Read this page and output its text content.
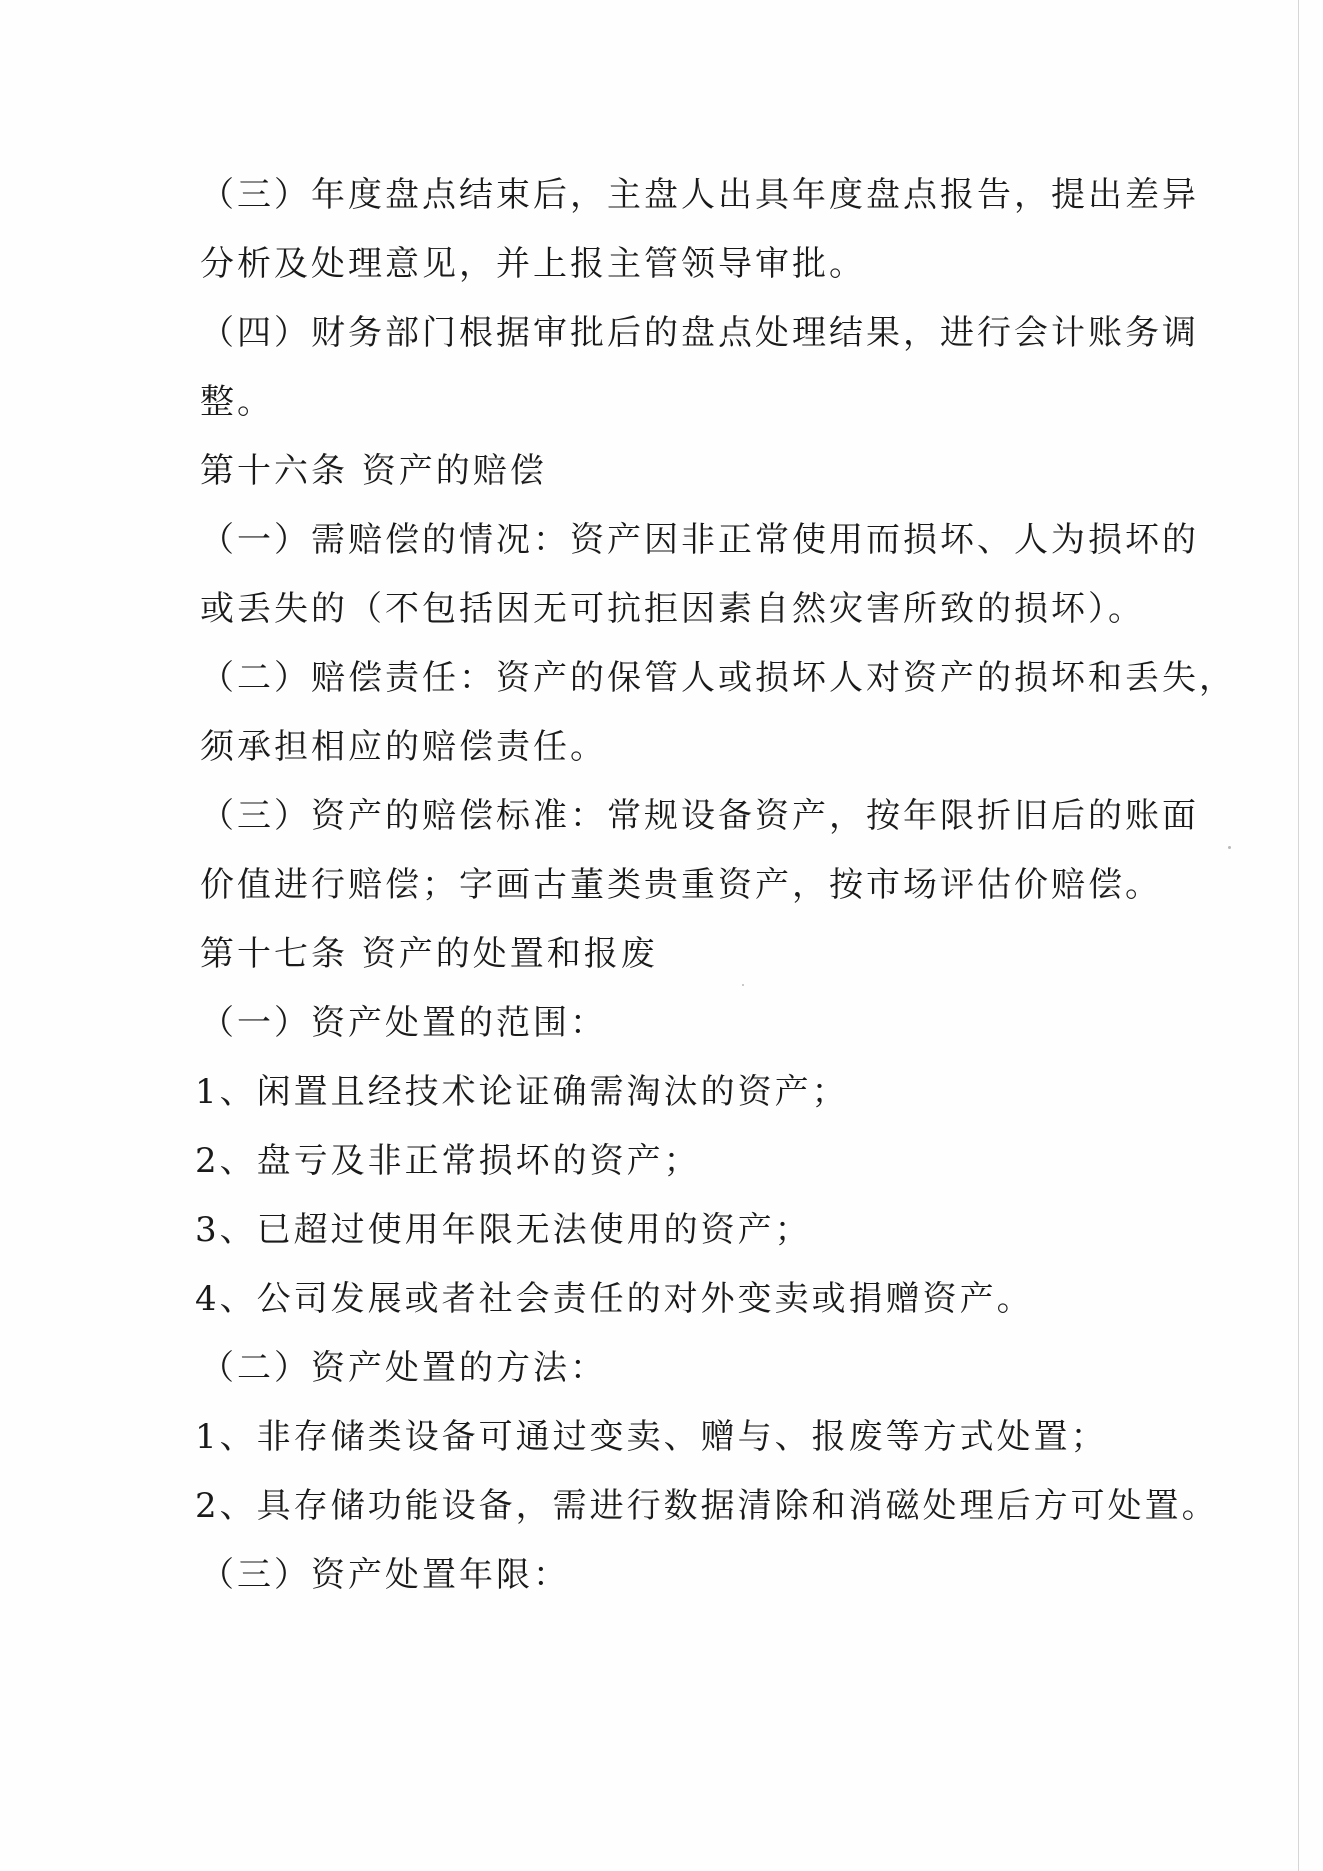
（三）年度盘点结束后，主盘人出具年度盘点报告，提出差异
分析及处理意见，并上报主管领导审批。
（四）财务部门根据审批后的盘点处理结果，进行会计账务调
整。
第十六条 资产的赔偿
（一）需赔偿的情况：资产因非正常使用而损坏、人为损坏的
或丢失的（不包括因无可抗拒因素自然灾害所致的损坏）。
（二）赔偿责任：资产的保管人或损坏人对资产的损坏和丢失，
须承担相应的赔偿责任。
（三）资产的赔偿标准：常规设备资产，按年限折旧后的账面
价值进行赔偿；字画古董类贵重资产，按市场评估价赔偿。
第十七条 资产的处置和报废
（一）资产处置的范围：
1、闲置且经技术论证确需淘汰的资产；
2、盘亏及非正常损坏的资产；
3、已超过使用年限无法使用的资产；
4、公司发展或者社会责任的对外变卖或捐赠资产。
（二）资产处置的方法：
1、非存储类设备可通过变卖、赠与、报废等方式处置；
2、具存储功能设备，需进行数据清除和消磁处理后方可处置。
（三）资产处置年限：
